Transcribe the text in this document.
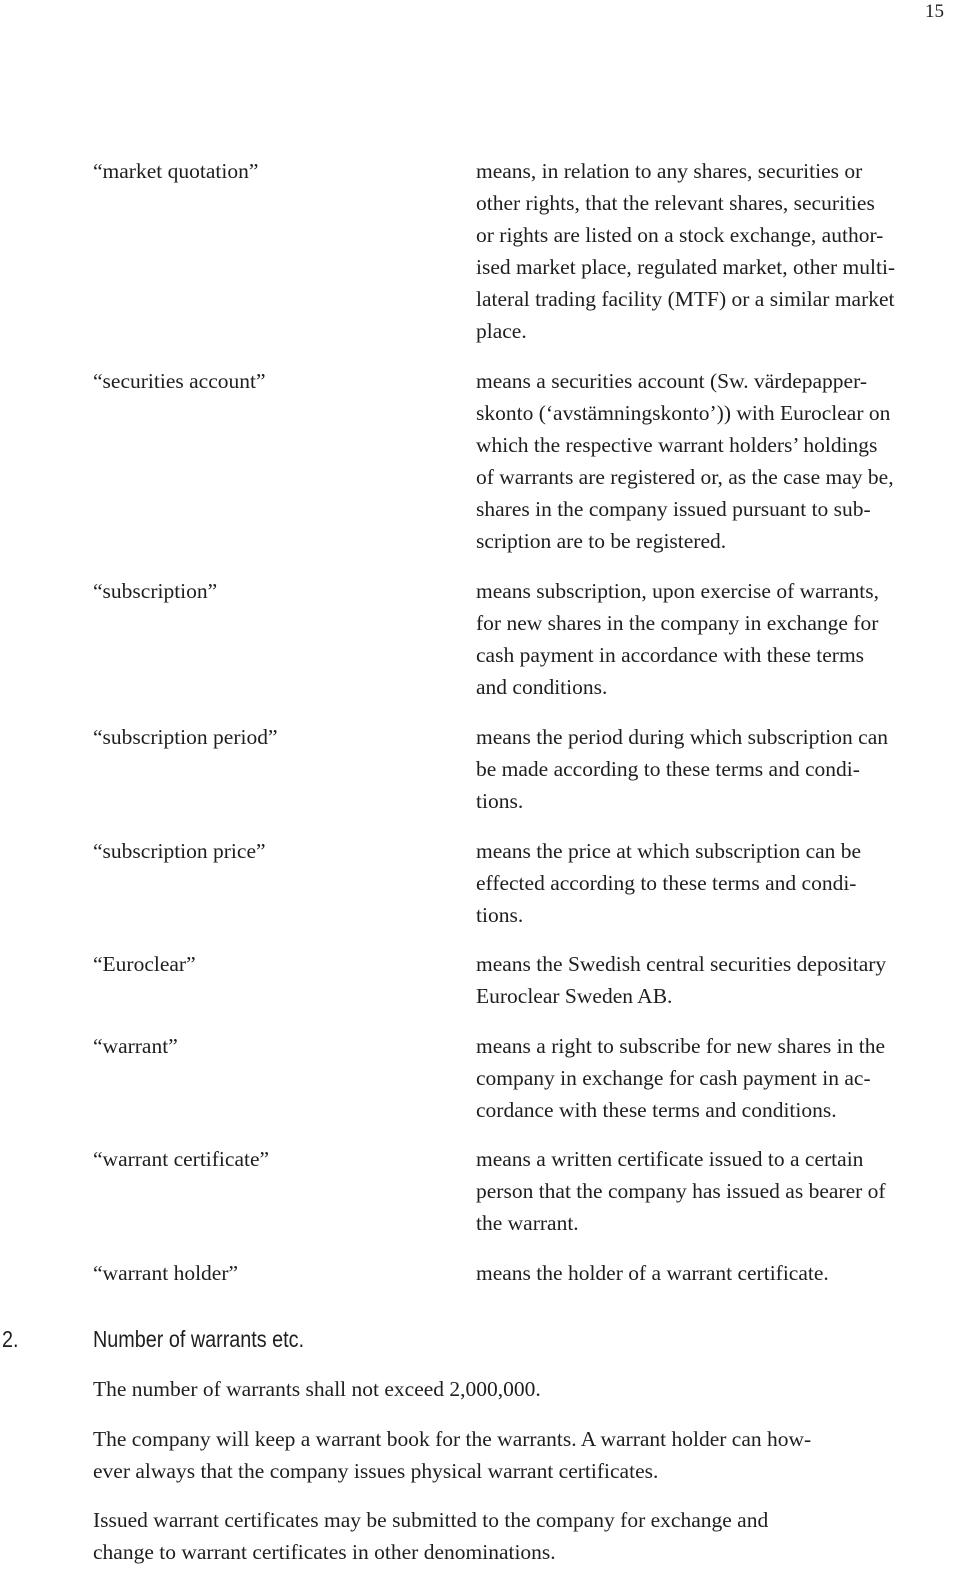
15
“market quotation”	means, in relation to any shares, securities or
other rights, that the relevant shares, securities
or rights are listed on a stock exchange, author-
ised market place, regulated market, other multi-
lateral trading facility (MTF) or a similar market
place.
“securities account”	means a securities account (Sw. värdepapper-
skonto (‘avstämningskonto’)) with Euroclear on
which the respective warrant holders’ holdings
of warrants are registered or, as the case may be,
shares in the company issued pursuant to sub-
scription are to be registered.
“subscription”	means subscription, upon exercise of warrants,
for new shares in the company in exchange for
cash payment in accordance with these terms
and conditions.
“subscription period”	means the period during which subscription can
be made according to these terms and condi-
tions.
“subscription price”	means the price at which subscription can be
effected according to these terms and condi-
tions.
“Euroclear”	means the Swedish central securities depositary
Euroclear Sweden AB.
“warrant”	means a right to subscribe for new shares in the
company in exchange for cash payment in ac-
cordance with these terms and conditions.
“warrant certificate”	means a written certificate issued to a certain
person that the company has issued as bearer of
the warrant.
“warrant holder”	means the holder of a warrant certificate.
2.	Number of warrants etc.
The number of warrants shall not exceed 2,000,000.
The company will keep a warrant book for the warrants. A warrant holder can how-
ever always that the company issues physical warrant certificates.
Issued warrant certificates may be submitted to the company for exchange and
change to warrant certificates in other denominations.
